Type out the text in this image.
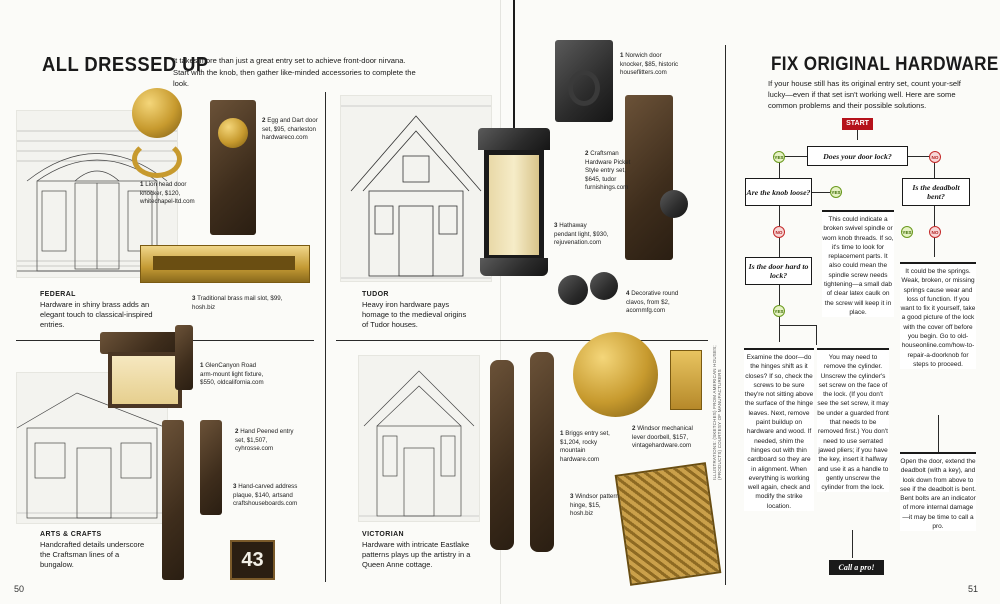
ALL DRESSED UP
It takes more than just a great entry set to achieve front-door nirvana. Start with the knob, then gather like-minded accessories to complete the look.
1 Lion head door knocker, $120, whitechapel-ltd.com
2 Egg and Dart door set, $95, charleston hardwareco.com
3 Traditional brass mail slot, $99, hosh.biz
FEDERAL
Hardware in shiny brass adds an elegant touch to classical-inspired entries.
1 Norwich door knocker, $85, historic houseflitters.com
2 Craftsman Hardware Picket Style entry set, $645, tudor furnishings.com
3 Hathaway pendant light, $930, rejuvenation.com
4 Decorative round clavos, from $2, acornmfg.com
TUDOR
Heavy iron hardware pays homage to the medieval origins of Tudor houses.
43
1 GlenCanyon Road arm-mount light fixture, $550, oldcalifornia.com
2 Hand Peened entry set, $1,507, cyhrosse.com
3 Hand-carved address plaque, $140, artsand craftshouseboards.com
ARTS & CRAFTS
Handcrafted details underscore the Craftsman lines of a bungalow.
1 Briggs entry set, $1,204, rocky mountain hardware.com
2 Windsor mechanical lever doorbell, $157, vintagehardware.com
3 Windsor pattern hinge, $15, hosh.biz
VICTORIAN
Hardware with intricate Eastlake patterns plays up the artistry in a Queen Anne cottage.
ILLUSTRATIONS: (SKETCHES) FROM AMERICAN HOUSES; (PRODUCTS) COURTESY OF MANUFACTURERS
50
FIX ORIGINAL HARDWARE
If your house still has its original entry set, count your-self lucky—even if that set isn't working well. Here are some common problems and their possible solutions.
START
Does your door lock?
YES	NO
Are the knob loose?	YES
Is the deadbolt bent?
NO	YES	NO
Is the door hard to lock?
YES
This could indicate a broken swivel spindle or worn knob threads. If so, it's time to look for replacement parts. It also could mean the spindle screw needs tightening—a small dab of clear latex caulk on the screw will keep it in place.
It could be the springs. Weak, broken, or missing springs cause wear and loss of function. If you want to fix it yourself, take a good picture of the lock with the cover off before you begin. Go to old-houseonline.com/how-to-repair-a-doorknob for steps to proceed.
Examine the door—do the hinges shift as it closes? If so, check the screws to be sure they're not sitting above the surface of the hinge leaves. Next, remove paint buildup on hardware and wood. If needed, shim the hinges out with thin cardboard so they are in alignment. When everything is working well again, check and modify the strike location.
You may need to remove the cylinder. Unscrew the cylinder's set screw on the face of the lock. (If you don't see the set screw, it may be under a guarded front that needs to be removed first.) You don't need to use serrated jawed pliers; if you have the key, insert it halfway and use it as a handle to gently unscrew the cylinder from the lock.
Open the door, extend the deadbolt (with a key), and look down from above to see if the deadbolt is bent. Bent bolts are an indicator of more internal damage—it may be time to call a pro.
Call a pro!
51
